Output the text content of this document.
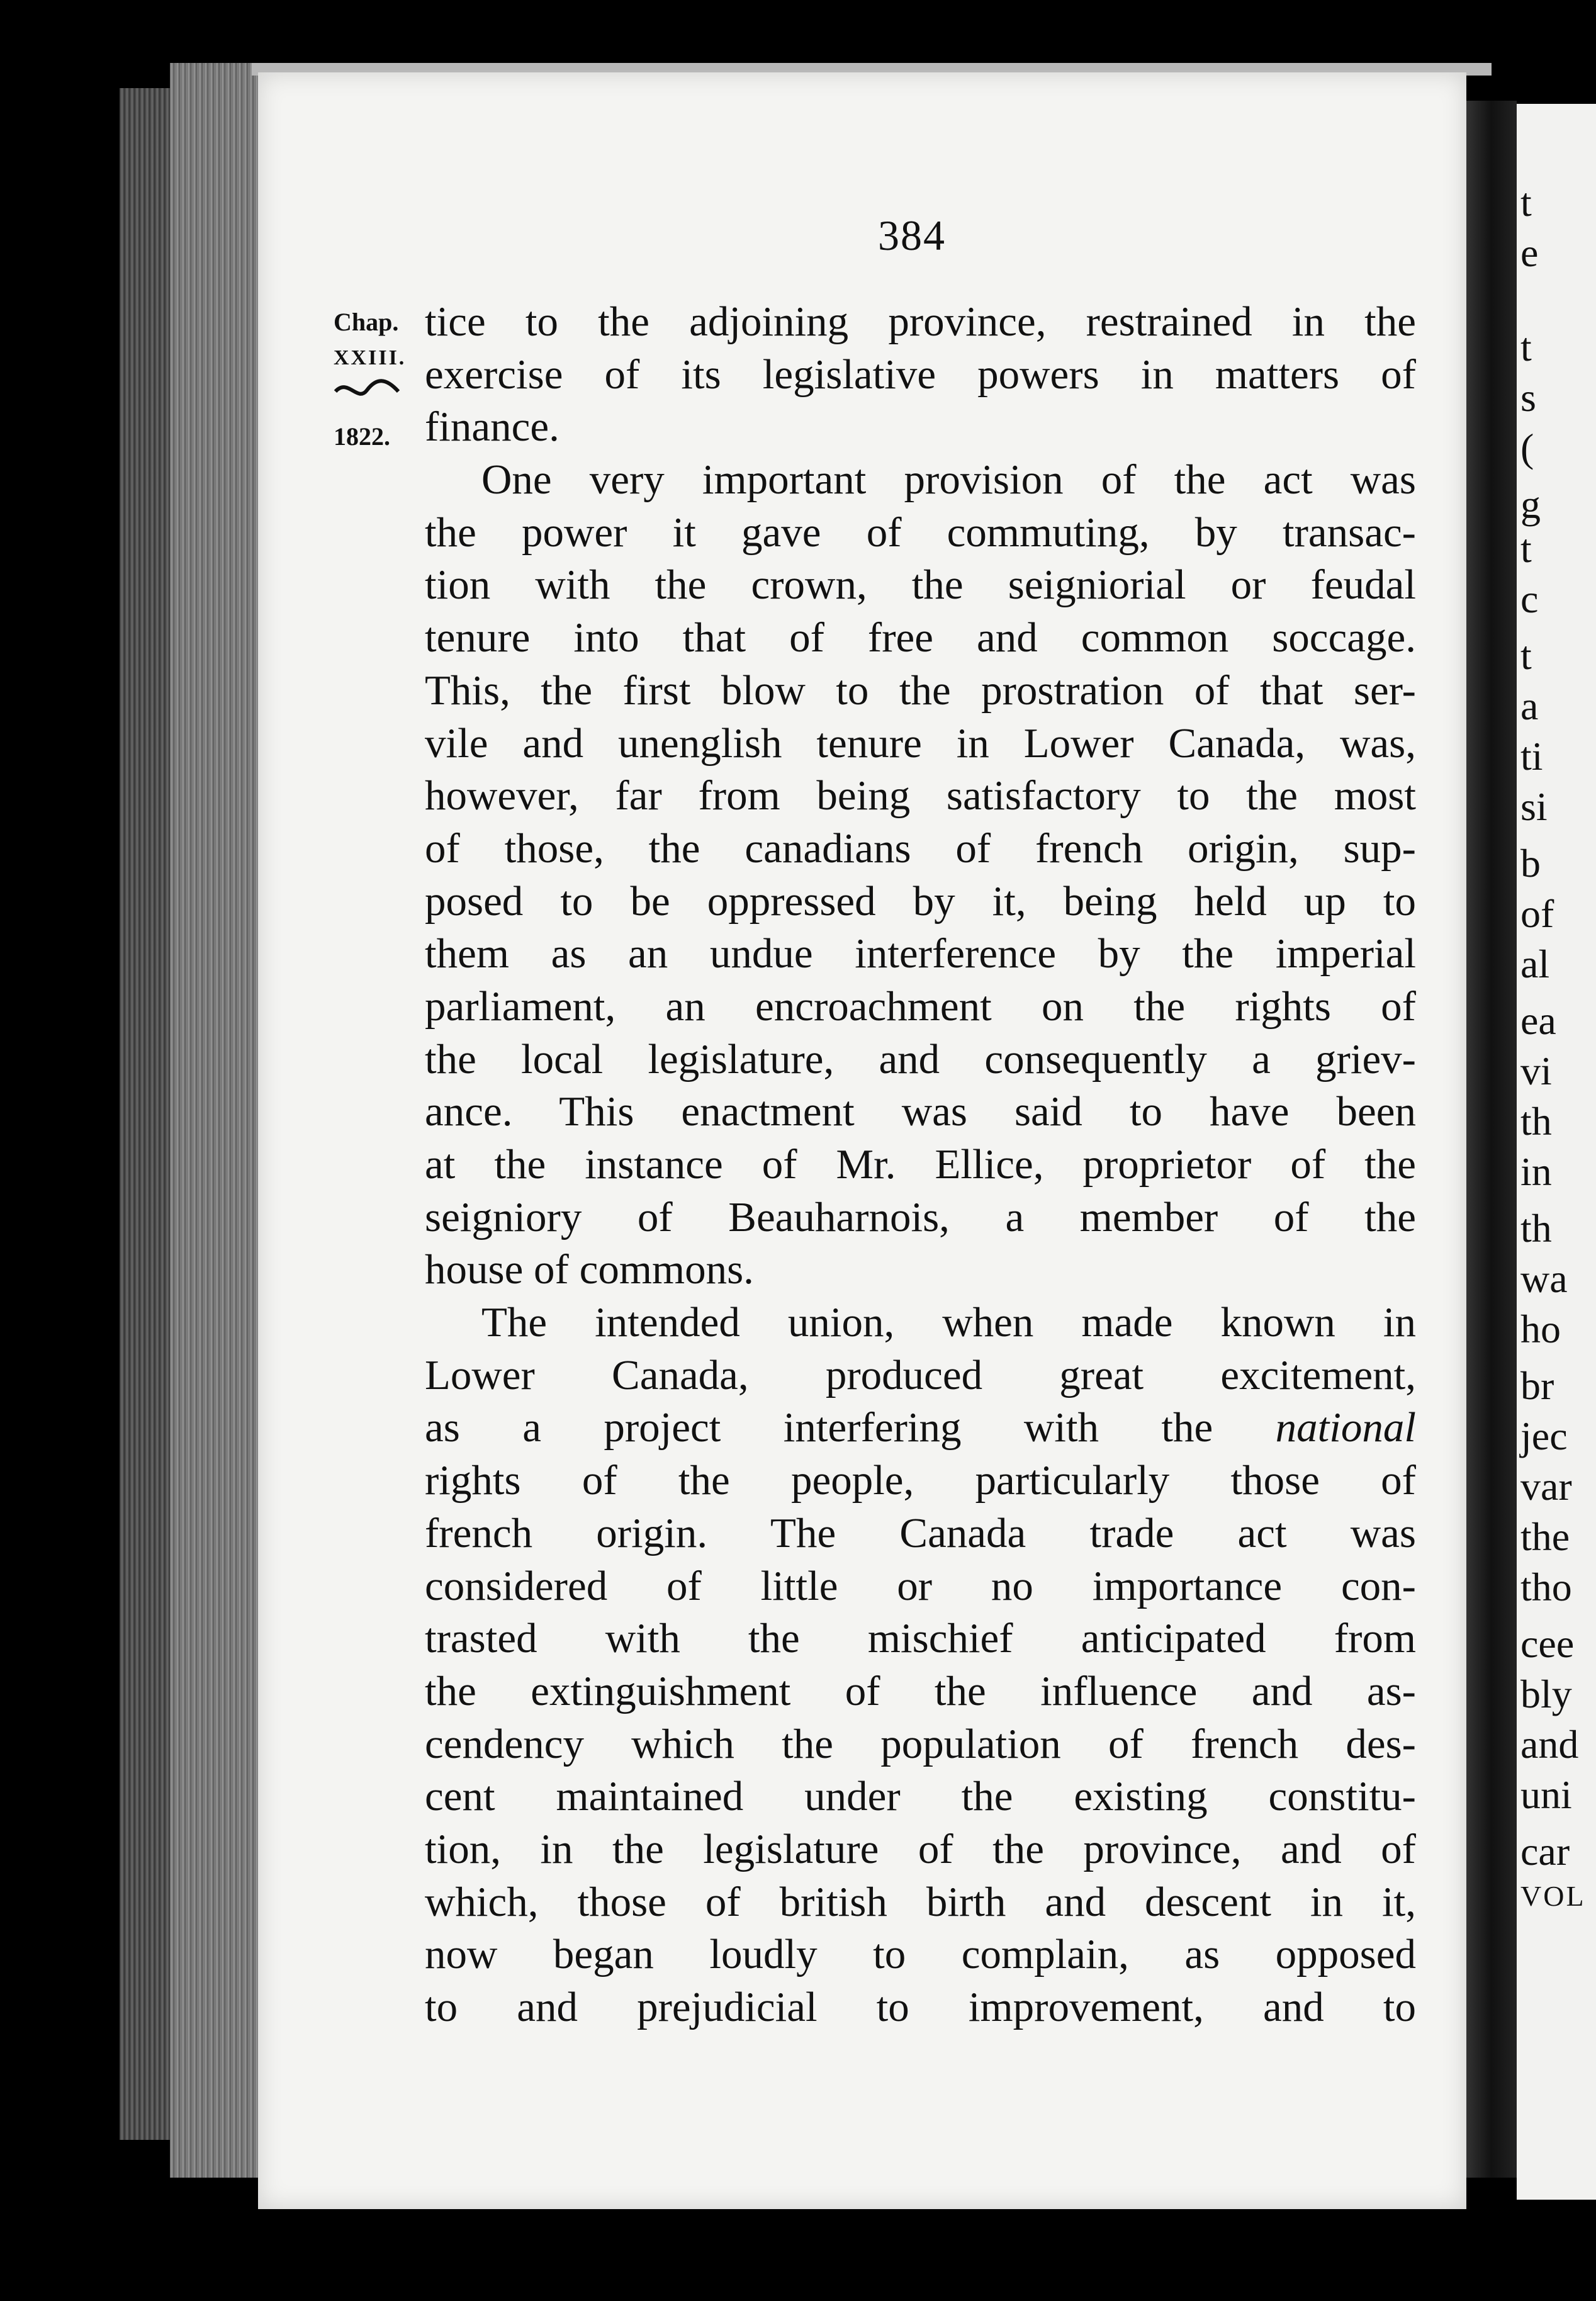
384
Chap.
XXIII.
1822.
tice to the adjoining province, restrained in the
exercise of its legislative powers in matters of
finance.
One very important provision of the act was
the power it gave of commuting, by transac-
tion with the crown, the seigniorial or feudal
tenure into that of free and common soccage.
This, the first blow to the prostration of that ser-
vile and unenglish tenure in Lower Canada, was,
however, far from being satisfactory to the most
of those, the canadians of french origin, sup-
posed to be oppressed by it, being held up to
them as an undue interference by the imperial
parliament, an encroachment on the rights of
the local legislature, and consequently a griev-
ance. This enactment was said to have been
at the instance of Mr. Ellice, proprietor of the
seigniory of Beauharnois, a member of the
house of commons.
The intended union, when made known in
Lower Canada, produced great excitement,
as a project interfering with the national
rights of the people, particularly those of
french origin. The Canada trade act was
considered of little or no importance con-
trasted with the mischief anticipated from
the extinguishment of the influence and as-
cendency which the population of french des-
cent maintained under the existing constitu-
tion, in the legislature of the province, and of
which, those of british birth and descent in it,
now began loudly to complain, as opposed
to and prejudicial to improvement, and to
t
e
t
s
(
g
t
c
t
a
ti
si
b
of
al
ea
vi
th
in
th
wa
ho
br
jec
var
the
tho
cee
bly
and
uni
car
VOL
